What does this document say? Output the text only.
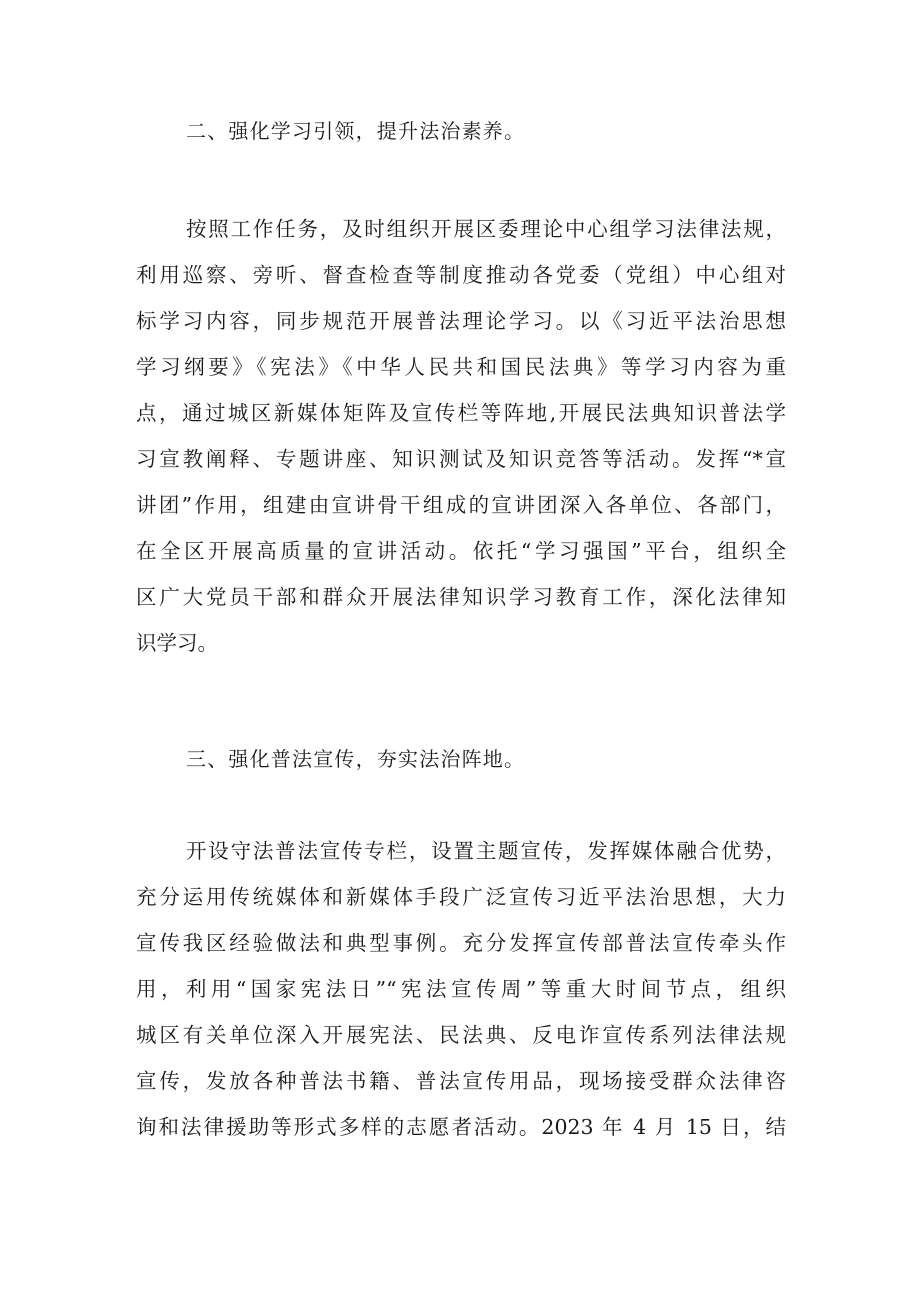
二、强化学习引领，提升法治素养。
按照工作任务，及时组织开展区委理论中心组学习法律法规，
利用巡察、旁听、督查检查等制度推动各党委（党组）中心组对
标学习内容，同步规范开展普法理论学习。以《习近平法治思想
学习纲要》《宪法》《中华人民共和国民法典》等学习内容为重
点，通过城区新媒体矩阵及宣传栏等阵地,开展民法典知识普法学
习宣教阐释、专题讲座、知识测试及知识竞答等活动。发挥“*宣
讲团”作用，组建由宣讲骨干组成的宣讲团深入各单位、各部门，
在全区开展高质量的宣讲活动。依托“学习强国”平台，组织全
区广大党员干部和群众开展法律知识学习教育工作，深化法律知
识学习。
三、强化普法宣传，夯实法治阵地。
开设守法普法宣传专栏，设置主题宣传，发挥媒体融合优势，
充分运用传统媒体和新媒体手段广泛宣传习近平法治思想，大力
宣传我区经验做法和典型事例。充分发挥宣传部普法宣传牵头作
用，利用“国家宪法日”“宪法宣传周”等重大时间节点，组织
城区有关单位深入开展宪法、民法典、反电诈宣传系列法律法规
宣传，发放各种普法书籍、普法宣传用品，现场接受群众法律咨
询和法律援助等形式多样的志愿者活动。2023 年 4 月 15 日，结
